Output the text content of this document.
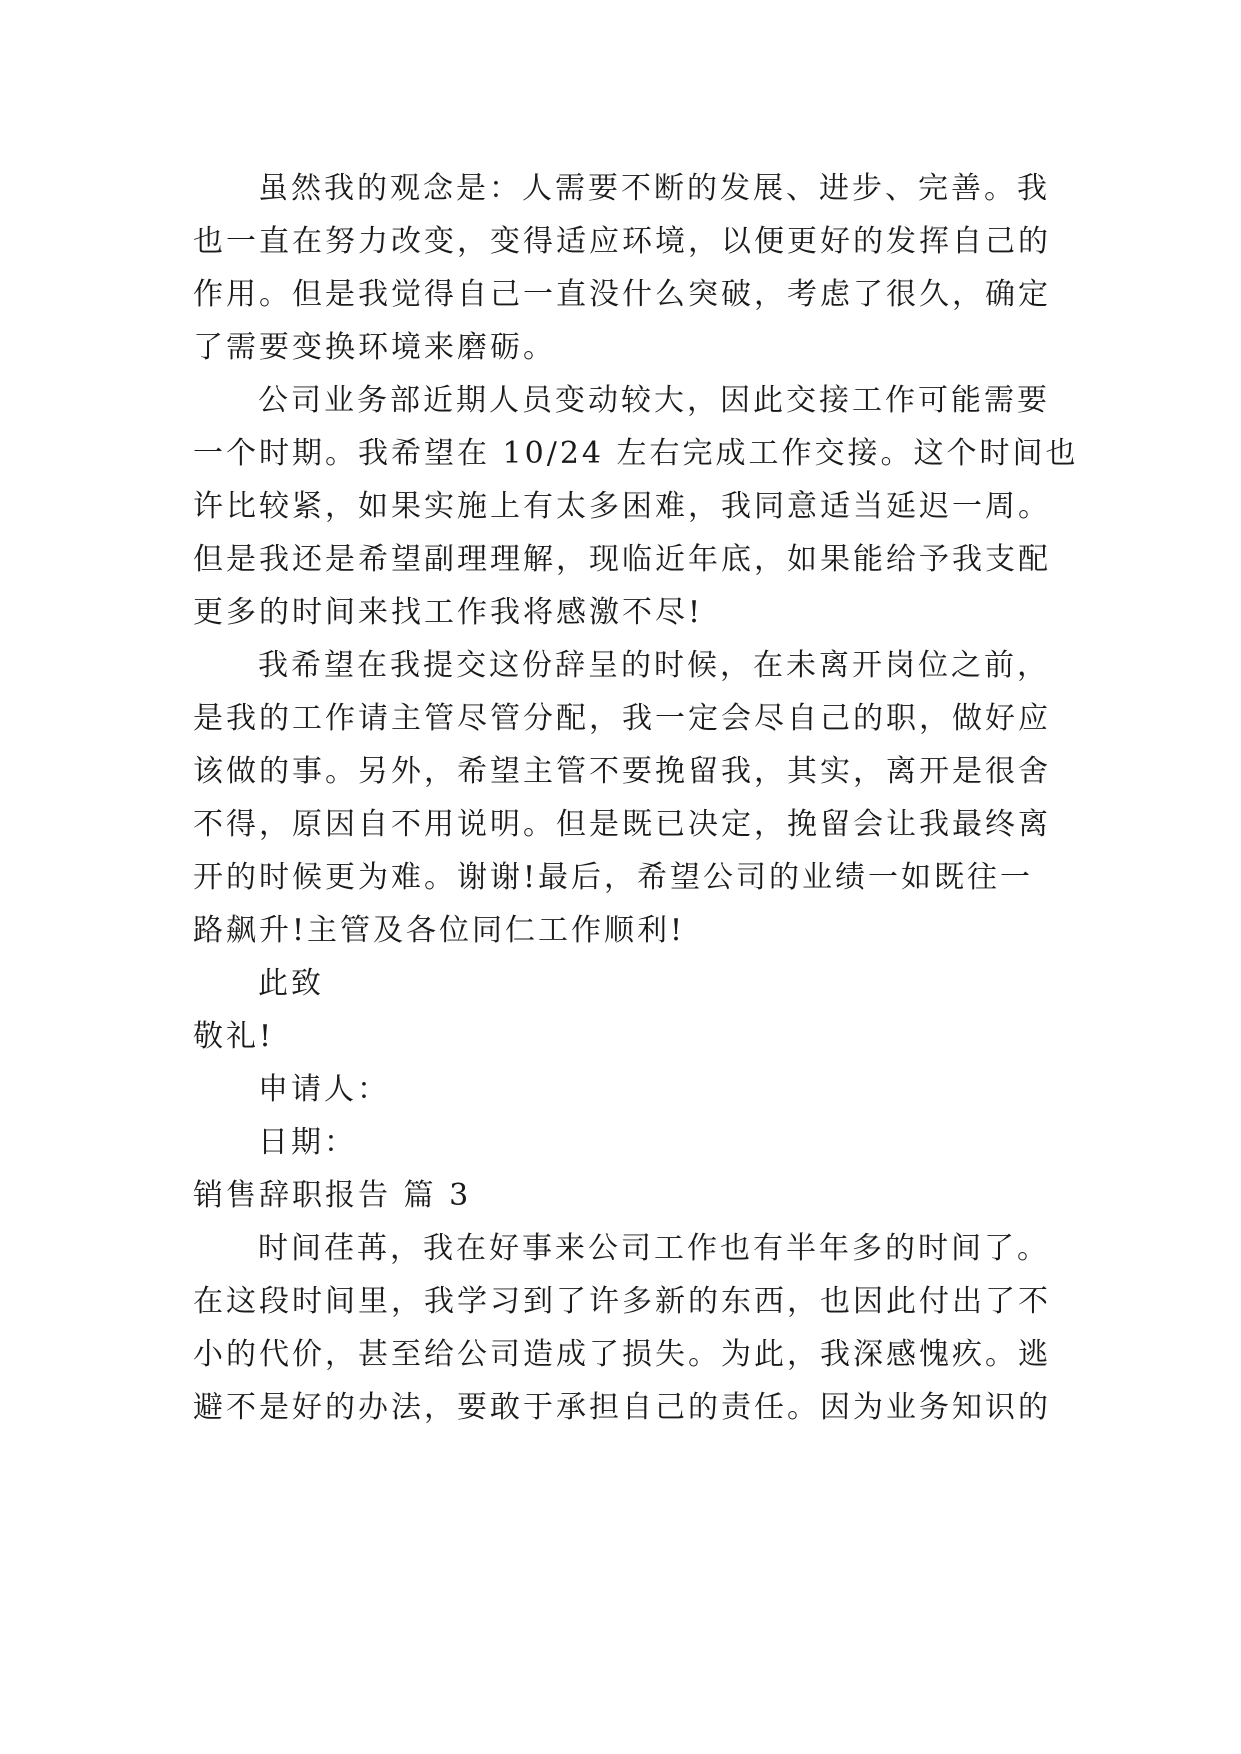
虽然我的观念是：人需要不断的发展、进步、完善。我
也一直在努力改变，变得适应环境，以便更好的发挥自己的
作用。但是我觉得自己一直没什么突破，考虑了很久，确定
了需要变换环境来磨砺。
公司业务部近期人员变动较大，因此交接工作可能需要
一个时期。我希望在 10/24 左右完成工作交接。这个时间也
许比较紧，如果实施上有太多困难，我同意适当延迟一周。
但是我还是希望副理理解，现临近年底，如果能给予我支配
更多的时间来找工作我将感激不尽!
我希望在我提交这份辞呈的时候，在未离开岗位之前，
是我的工作请主管尽管分配，我一定会尽自己的职，做好应
该做的事。另外，希望主管不要挽留我，其实，离开是很舍
不得，原因自不用说明。但是既已决定，挽留会让我最终离
开的时候更为难。谢谢!最后，希望公司的业绩一如既往一
路飙升!主管及各位同仁工作顺利!
此致
敬礼!
申请人：
日期：
销售辞职报告 篇 3
时间荏苒，我在好事来公司工作也有半年多的时间了。
在这段时间里，我学习到了许多新的东西，也因此付出了不
小的代价，甚至给公司造成了损失。为此，我深感愧疚。逃
避不是好的办法，要敢于承担自己的责任。因为业务知识的
